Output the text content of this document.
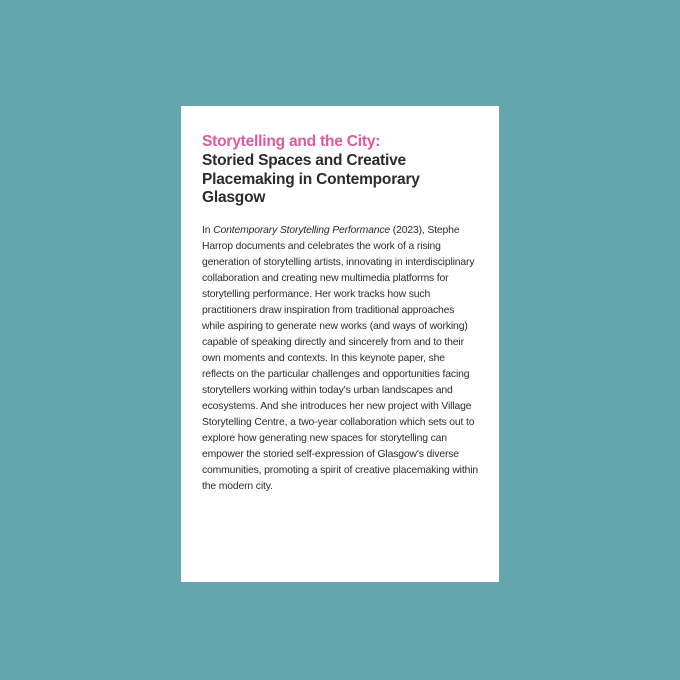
Storytelling and the City:
Storied Spaces and Creative Placemaking in Contemporary Glasgow

In Contemporary Storytelling Performance (2023), Stephe Harrop documents and celebrates the work of a rising generation of storytelling artists, innovating in interdisciplinary collaboration and creating new multimedia platforms for storytelling performance. Her work tracks how such practitioners draw inspiration from traditional approaches while aspiring to generate new works (and ways of working) capable of speaking directly and sincerely from and to their own moments and contexts. In this keynote paper, she reflects on the particular challenges and opportunities facing storytellers working within today's urban landscapes and ecosystems. And she introduces her new project with Village Storytelling Centre, a two-year collaboration which sets out to explore how generating new spaces for storytelling can empower the storied self-expression of Glasgow's diverse communities, promoting a spirit of creative placemaking within the modern city.
